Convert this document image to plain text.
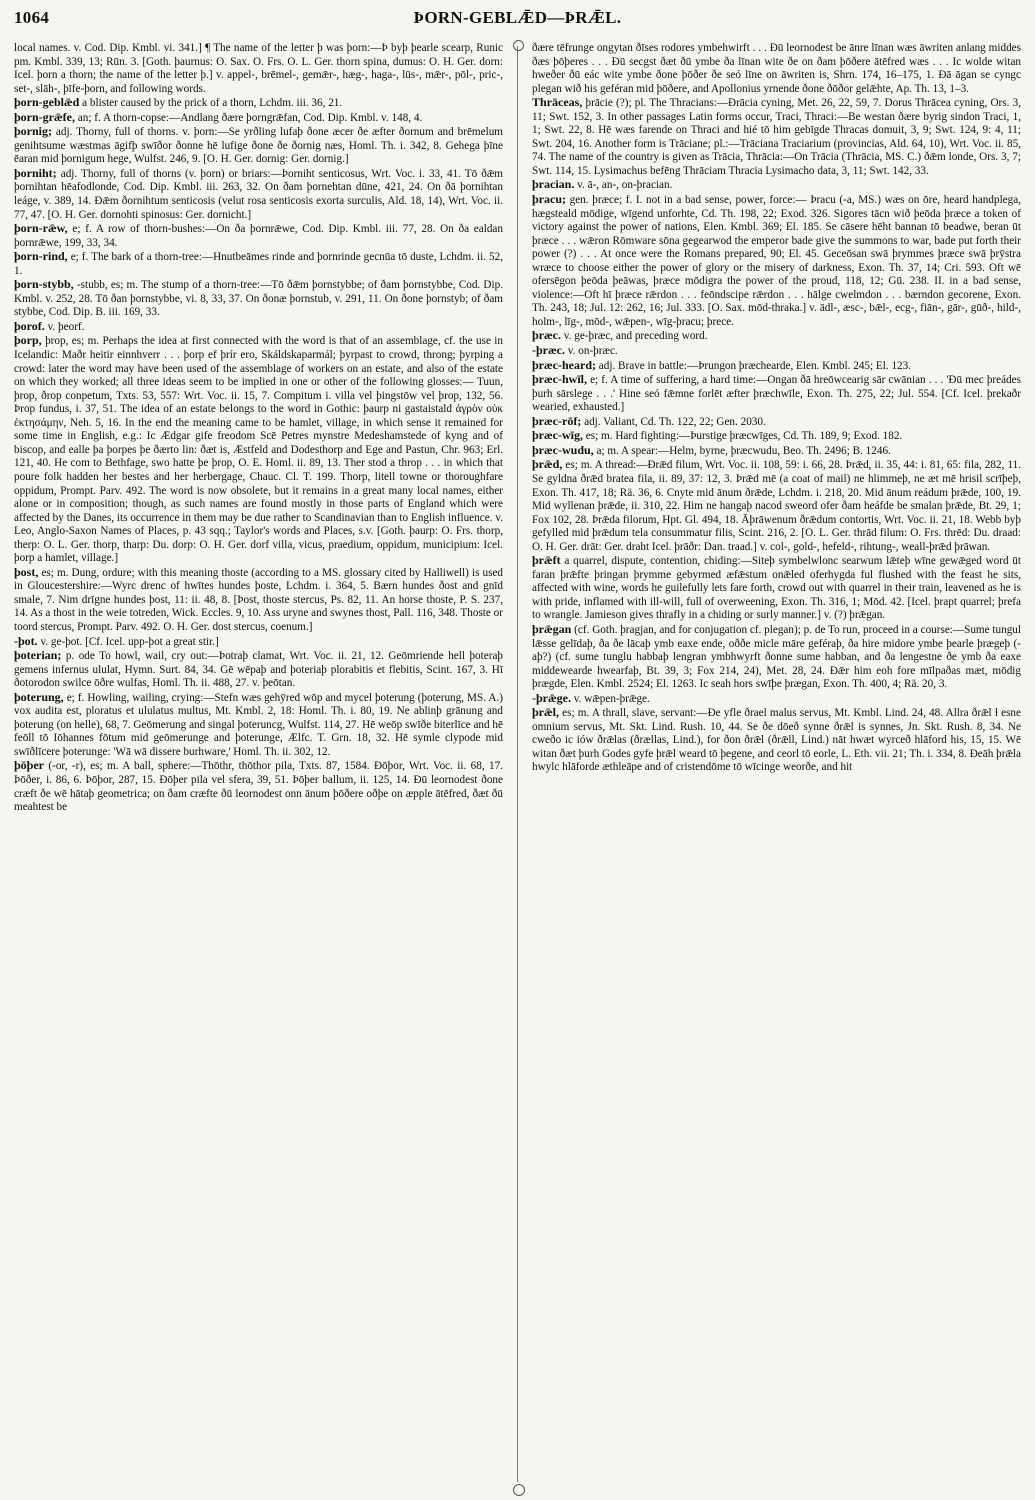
1064	ÞORN-GEBLǢD—ÞRǢL.

local names. v. Cod. Dip. Kmbl. vi. 341.] ¶ The name of the letter þ was þorn:—Þ byþ þearle scearp, Runic pm. Kmbl. 339, 13; Rūn. 3. [Goth. þaurnus: O. Sax. O. Frs. O. L. Ger. thorn spina, dumus: O. H. Ger. dorn: Icel. þorn a thorn; the name of the letter þ.] v. appel-, brēmel-, gemǣr-, hæg-, haga-, lūs-, mǣr-, pōl-, pric-, set-, slāh-, þīfe-þorn, and following words.

þorn-geblǣd a blister caused by the prick of a thorn, Lchdm. iii. 36, 21.

þorn-grǣfe, an; f. A thorn-copse:—Andlang ðære þorngrǣfan, Cod. Dip. Kmbl. v. 148, 4.

þornig; adj. Thorny, full of thorns. v. þorn:—Se yrðling lufaþ ðone æcer ðe æfter ðornum and brēmelum genihtsume wæstmas āgifþ swīðor ðonne hē lufige ðone ðe ðornig næs, Homl. Th. i. 342, 8. Gehega þīne ēaran mid þornigum hege, Wulfst. 246, 9. [O. H. Ger. dornig: Ger. dornig.]

þorniht; adj. Thorny, full of thorns (v. þorn) or briars:—Þorniht senticosus, Wrt. Voc. i. 33, 41. Tō ðǣm þornihtan hēafodlonde, Cod. Dip. Kmbl. iii. 263, 32. On ðam þornehtan dūne, 421, 24. On ðā þornihtan leáge, v. 389, 14. Ðǣm ðornihtum senticosis (velut rosa senticosis exorta surculis, Ald. 18, 14), Wrt. Voc. ii. 77, 47. [O. H. Ger. dornohti spinosus: Ger. dornicht.]

þorn-rǣw, e; f. A row of thorn-bushes:—On ða þornrǣwe, Cod. Dip. Kmbl. iii. 77, 28. On ða ealdan þornrǣwe, 199, 33, 34.

þorn-rind, e; f. The bark of a thorn-tree:—Hnutbeāmes rinde and þornrinde gecnūa tō duste, Lchdm. ii. 52, 1.

þorn-stybb, -stubb, es; m. The stump of a thorn-tree:—Tō ðǣm þornstybbe; of ðam þornstybbe, Cod. Dip. Kmbl. v. 252, 28. Tō ðan þornstybbe, vi. 8, 33, 37. On ðonæ þornstub, v. 291, 11. On ðone þornstyb; of ðam stybbe, Cod. Dip. B. iii. 169, 33.

þorof. v. þeorf.

þorp, þrop, es; m. Perhaps the idea at first connected with the word is that of an assemblage, cf. the use in Icelandic: Maðr heitir einnhverr . . . þorp ef þrír ero, Skáldskaparmál; þyrpast to crowd, throng; þyrping a crowd: later the word may have been used of the assemblage of workers on an estate, and also of the estate on which they worked; all three ideas seem to be implied in one or other of the following glosses:— Tuun, þrop, ðrop conpetum, Txts. 53, 557: Wrt. Voc. ii. 15, 7. Compitum i. villa vel þingstōw vel þrop, 132, 56. Þrop fundus, i. 37, 51. The idea of an estate belongs to the word in Gothic: þaurp ni gastaistald ἀγρὸν οὐκ ἐκτησάμην, Neh. 5, 16. In the end the meaning came to be hamlet, village, in which sense it remained for some time in English, e.g.: Ic Ædgar gife freodom Scē Petres mynstre Medeshamstede of kyng and of biscop, and ealle þa þorpes þe ðærto lin: ðæt is, Æstfeld and Dodesthorp and Ege and Pastun, Chr. 963; Erl. 121, 40. He com to Bethfage, swo hatte þe þrop, O. E. Homl. ii. 89, 13. Ther stod a throp . . . in which that poure folk hadden her bestes and her herbergage, Chauc. Cl. T. 199. Thorp, litell towne or thoroughfare oppidum, Prompt. Parv. 492. The word is now obsolete, but it remains in a great many local names, either alone or in composition; though, as such names are found mostly in those parts of England which were affected by the Danes, its occurrence in them may be due rather to Scandinavian than to English influence. v. Leo, Anglo-Saxon Names of Places, p. 43 sqq.; Taylor's words and Places, s.v. [Goth. þaurp: O. Frs. thorp, therp: O. L. Ger. thorp, tharp: Du. dorp: O. H. Ger. dorf villa, vicus, praedium, oppidum, municipium: Icel. þorp a hamlet, village.]

þost, es; m. Dung, ordure; with this meaning thoste (according to a MS. glossary cited by Halliwell) is used in Gloucestershire:—Wyrc drenc of hwītes hundes þoste, Lchdm. i. 364, 5. Bærn hundes ðost and gnīd smale, 7. Nim drīgne hundes þost, 11: ii. 48, 8. [Þost, thoste stercus, Ps. 82, 11. An horse thoste, P. S. 237, 14. As a thost in the weie totreden, Wick. Eccles. 9, 10. Ass uryne and swynes thost, Pall. 116, 348. Thoste or toord stercus, Prompt. Parv. 492. O. H. Ger. dost stercus, coenum.]

-þot. v. ge-þot. [Cf. Icel. upp-þot a great stir.]

þoterian; p. ode To howl, wail, cry out:—Þotraþ clamat, Wrt. Voc. ii. 21, 12. Geōmriende hell þoteraþ gemens infernus ululat, Hymn. Surt. 84, 34. Gē wēpaþ and þoteriaþ plorabitis et flebitis, Scint. 167, 3. Hī ðotorodon swilce ōðre wulfas, Homl. Th. ii. 488, 27. v. þeōtan.

þoterung, e; f. Howling, wailing, crying:—Stefn wæs gehȳred wōp and mycel þoterung (þoterung, MS. A.) vox audita est, ploratus et ululatus multus, Mt. Kmbl. 2, 18: Homl. Th. i. 80, 19. Ne ablinþ grānung and þoterung (on helle), 68, 7. Geōmerung and singal þoteruncg, Wulfst. 114, 27. Hē weōp swīðe biterlīce and hē feōll tō Iōhannes fōtum mid geōmerunge and þoterunge, Ælfc. T. Grn. 18, 32. Hē symle clypode mid swīðlīcere þoterunge: 'Wā wā dissere burhware,' Homl. Th. ii. 302, 12.

þōþer (-or, -r), es; m. A ball, sphere:—Thōthr, thōthor pila, Txts. 87, 1584. Ðōþor, Wrt. Voc. ii. 68, 17. Þōðer, i. 86, 6. Þōþor, 287, 15. Ðōþer pila vel sfera, 39, 51. Þōþer ballum, ii. 125, 14. Ðū leornodest ðone cræft ðe wē hātaþ geometrica; on ðam cræfte ðū leornodest onn ānum þōðere oðþe on æpple ātēfred, ðæt ðū meahtest be

ðære tēfrunge ongytan ðīses rodores ymbehwirft . . . Ðū leornodest be ānre līnan wæs āwriten anlang middes ðæs þōþeres . . . Ðū secgst ðæt ðū ymbe ða līnan wite ðe on ðam þōðere ātēfred wæs . . . Ic wolde witan hweðer ðū eác wite ymbe ðone þōðer ðe seó līne on āwriten is, Shrn. 174, 16–175, 1. Ðā āgan se cyngc plegan wið his geféran mid þōðere, and Apollonius yrnende ðone ðōðor gelǣhte, Ap. Th. 13, 1–3.

Thrāceas, þrācie (?); pl. The Thracians:—Ðrācia cyning, Met. 26, 22, 59, 7. Dorus Thrācea cyning, Ors. 3, 11; Swt. 152, 3. In other passages Latin forms occur, Traci, Thraci:—Be westan ðære byrig sindon Traci, 1, 1; Swt. 22, 8. Hē wæs farende on Thraci and hié tō him gebīgde Thracas domuit, 3, 9; Swt. 124, 9: 4, 11; Swt. 204, 16. Another form is Trāciane; pl.:—Trāciana Traciarium (provincias, Ald. 64, 10), Wrt. Voc. ii. 85, 74. The name of the country is given as Trācia, Thrācia:—On Trācia (Thrācia, MS. C.) ðǣm londe, Ors. 3, 7; Swt. 114, 15. Lysimachus befēng Thrāciam Thracia Lysimacho data, 3, 11; Swt. 142, 33.

þracian. v. ā-, an-, on-þracian.

þracu; gen. þræce; f. I. not in a bad sense, power, force:— Þracu (-a, MS.) wæs on ōre, heard handplega, hægsteald mōdige, wīgend unforhte, Cd. Th. 198, 22; Exod. 326. Sigores tācn wið þeōda þræce a token of victory against the power of nations, Elen. Kmbl. 369; El. 185. Se cāsere hēht bannan tō beadwe, beran ūt þræce . . . wǣron Rōmware sōna gegearwod the emperor bade give the summons to war, bade put forth their power (?) . . . At once were the Romans prepared, 90; El. 45. Geceōsan swā þrymmes þræce swā þrȳstra wræce to choose either the power of glory or the misery of darkness, Exon. Th. 37, 14; Cri. 593. Oft wē ofersēgon þeōda þeāwas, þræce mōdigra the power of the proud, 118, 12; Gū. 238. II. in a bad sense, violence:—Oft hī þræce rǣrdon . . . feōndscipe rǣrdon . . . hālge cwelmdon . . . bærndon gecorene, Exon. Th. 243, 18; Jul. 12: 262, 16; Jul. 333. [O. Sax. mōd-thraka.] v. ādl-, æsc-, bǣl-, ecg-, fiān-, gār-, gūð-, hild-, holm-, līg-, mōd-, wǣpen-, wīg-þracu; þrece.

þræc. v. ge-þræc, and preceding word.

-þræc. v. on-þræc.

þræc-heard; adj. Brave in battle:—Þrungon þræchearde, Elen. Kmbl. 245; El. 123.

þræc-hwīl, e; f. A time of suffering, a hard time:—Ongan ðā hreōwcearig sār cwānian . . . 'Ðū mec þreádes þurh sārslege . . .' Hine seó fǣmne forlēt æfter þræchwīle, Exon. Th. 275, 22; Jul. 554. [Cf. Icel. þrekaðr wearied, exhausted.]

þræc-rōf; adj. Valiant, Cd. Th. 122, 22; Gen. 2030.

þræc-wīg, es; m. Hard fighting:—Þurstige þræcwīges, Cd. Th. 189, 9; Exod. 182.

þræc-wudu, a; m. A spear:—Helm, byrne, þræcwudu, Beo. Th. 2496; B. 1246.

þrǣd, es; m. A thread:—Ðrǣd filum, Wrt. Voc. ii. 108, 59: i. 66, 28. Þrǣd, ii. 35, 44: i. 81, 65: fila, 282, 11. Se gyldna ðrǣd bratea fila, ii. 89, 37: 12, 3. Þrǣd mē (a coat of mail) ne hlimmeþ, ne æt mē hrisil scrīþeþ, Exon. Th. 417, 18; Rä. 36, 6. Cnyte mid ānum ðrǣde, Lchdm. i. 218, 20. Mid ānum reádum þrǣde, 100, 19. Mid wyllenan þrǣde, ii. 310, 22. Him ne hangaþ nacod sweord ofer ðam heáfde be smalan þrǣde, Bt. 29, 1; Fox 102, 28. Þrǣda filorum, Hpt. Gl. 494, 18. Āþrāwenum ðrǣdum contortis, Wrt. Voc. ii. 21, 18. Webb byþ gefylled mid þrǣdum tela consummatur filis, Scint. 216, 2. [O. L. Ger. thrād filum: O. Frs. thrēd: Du. draad: O. H. Ger. drāt: Ger. draht Icel. þrāðr: Dan. traad.] v. col-, gold-, hefeld-, rihtung-, weall-þrǣd þrāwan.

þrǣft a quarrel, dispute, contention, chiding:—Siteþ symbelwlonc searwum lǣteþ wīne gewǣged word ūt faran þrǣfte þringan þrymme gebyrmed æfǣstum onǣled oferhygda ful flushed with the feast he sits, affected with wine, words he guilefully lets fare forth, crowd out with quarrel in their train, leavened as he is with pride, inflamed with ill-will, full of overweening, Exon. Th. 316, 1; Mōd. 42. [Icel. þrapt quarrel; þrefa to wrangle. Jamieson gives thrafly in a chiding or surly manner.] v. (?) þrǣgan.

þrǣgan (cf. Goth. þragjan, and for conjugation cf. plegan); p. de To run, proceed in a course:—Sume tungul lǣsse gelīdaþ, ða ðe lācaþ ymb eaxe ende, oððe micle māre geféraþ, ða hire midore ymbe þearle þrægeþ (-aþ?) (cf. sume tunglu habbaþ lengran ymbhwyrft ðonne sume habban, and ða lengestne ðe ymb ða eaxe middewearde hwearfaþ, Bt. 39, 3; Fox 214, 24), Met. 28, 24. Ðǣr him eoh fore mīlpaðas mæt, mōdig þrægde, Elen. Kmbl. 2524; El. 1263. Ic seah hors swīþe þrægan, Exon. Th. 400, 4; Rä. 20, 3.

-þrǣge. v. wǣpen-þrǣge.

þrǣl, es; m. A thrall, slave, servant:—Ðe yfle ðrael malus servus, Mt. Kmbl. Lind. 24, 48. Allra ðrǣl ɫ esne omnium servus, Mt. Skt. Lind. Rush. 10, 44. Se ðe dōeð synne ðrǣl is synnes, Jn. Skt. Rush. 8, 34. Ne cweðo ic iów ðrǣlas (ðrællas, Lind.), for ðon ðrǣl (ðrǣll, Lind.) nāt hwæt wyrceð hlāford his, 15, 15. Wē witan ðæt þurh Godes gyfe þrǣl weard tō þegene, and ceorl tō eorle, L. Eth. vii. 21; Th. i. 334, 8. Ðeāh þrǣla hwylc hlāforde æthleāpe and of cristendōme tō wīcinge weorðe, and hit
